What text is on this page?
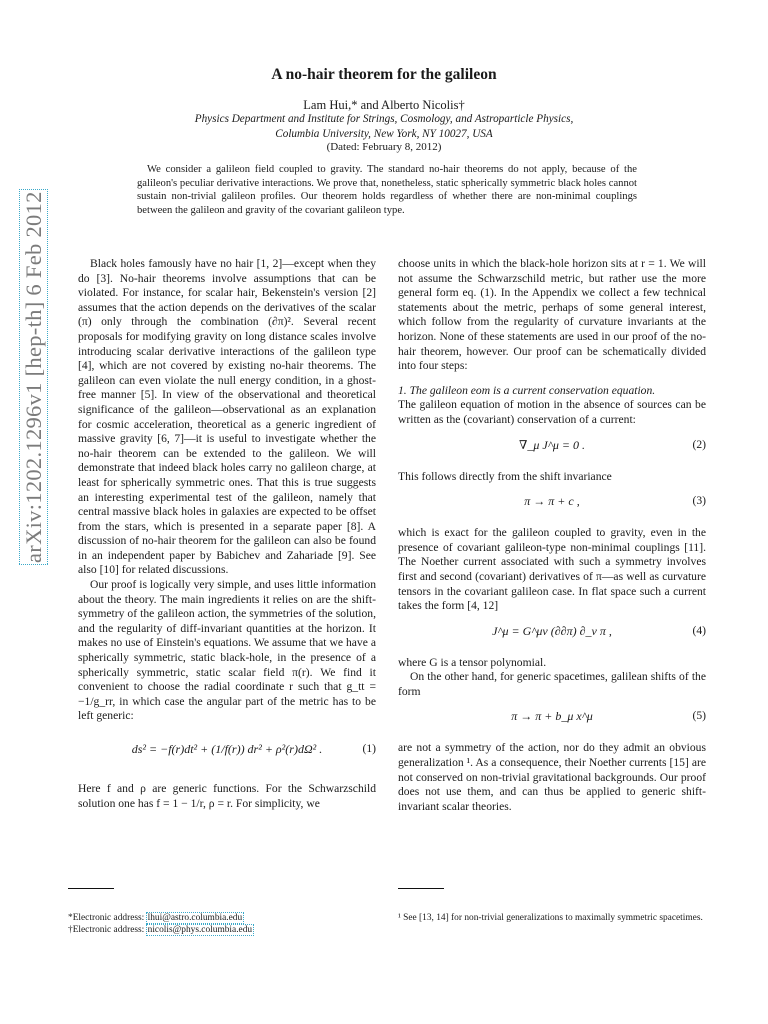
A no-hair theorem for the galileon
Lam Hui,* and Alberto Nicolis†
Physics Department and Institute for Strings, Cosmology, and Astroparticle Physics,
Columbia University, New York, NY 10027, USA
(Dated: February 8, 2012)
We consider a galileon field coupled to gravity. The standard no-hair theorems do not apply, because of the galileon's peculiar derivative interactions. We prove that, nonetheless, static spherically symmetric black holes cannot sustain non-trivial galileon profiles. Our theorem holds regardless of whether there are non-minimal couplings between the galileon and gravity of the covariant galileon type.
arXiv:1202.1296v1 [hep-th] 6 Feb 2012	Black holes famously have no hair [1, 2]—except when they do [3]. No-hair theorems involve assumptions that can be violated. For instance, for scalar hair, Bekenstein's version [2] assumes that the action depends on the derivatives of the scalar (π) only through the combination (∂π)². Several recent proposals for modifying gravity on long distance scales involve introducing scalar derivative interactions of the galileon type [4], which are not covered by existing no-hair theorems. The galileon can even violate the null energy condition, in a ghost-free manner [5]. In view of the observational and theoretical significance of the galileon—observational as an explanation for cosmic acceleration, theoretical as a generic ingredient of massive gravity [6, 7]—it is useful to investigate whether the no-hair theorem can be extended to the galileon. We will demonstrate that indeed black holes carry no galileon charge, at least for spherically symmetric ones. That this is true suggests an interesting experimental test of the galileon, namely that central massive black holes in galaxies are expected to be offset from the stars, which is presented in a separate paper [8]. A discussion of no-hair theorem for the galileon can also be found in an independent paper by Babichev and Zahariade [9]. See also [10] for related discussions.

Our proof is logically very simple, and uses little information about the theory. The main ingredients it relies on are the shift-symmetry of the galileon action, the symmetries of the solution, and the regularity of diff-invariant quantities at the horizon. It makes no use of Einstein's equations. We assume that we have a spherically symmetric, static black-hole, in the presence of a spherically symmetric, static scalar field π(r). We find it convenient to choose the radial coordinate r such that g_tt = −1/g_rr, in which case the angular part of the metric has to be left generic:

ds² = −f(r)dt² + (1/f(r)) dr² + ρ²(r)dΩ² .	(1)

Here f and ρ are generic functions. For the Schwarzschild solution one has f = 1 − 1/r, ρ = r. For simplicity, we

choose units in which the black-hole horizon sits at r = 1. We will not assume the Schwarzschild metric, but rather use the more general form eq. (1). In the Appendix we collect a few technical statements about the metric, perhaps of some general interest, which follow from the regularity of curvature invariants at the horizon. None of these statements are used in our proof of the no-hair theorem, however. Our proof can be schematically divided into four steps:

1. The galileon eom is a current conservation equation.

The galileon equation of motion in the absence of sources can be written as the (covariant) conservation of a current:

∇_μ J^μ = 0 .	(2)

This follows directly from the shift invariance

π → π + c ,	(3)

which is exact for the galileon coupled to gravity, even in the presence of covariant galileon-type non-minimal couplings [11]. The Noether current associated with such a symmetry involves first and second (covariant) derivatives of π—as well as curvature tensors in the covariant galileon case. In flat space such a current takes the form [4, 12]

J^μ = G^μν (∂∂π) ∂_ν π ,	(4)

where G is a tensor polynomial.

On the other hand, for generic spacetimes, galilean shifts of the form

π → π + b_μ x^μ	(5)

are not a symmetry of the action, nor do they admit an obvious generalization ¹. As a consequence, their Noether currents [15] are not conserved on non-trivial gravitational backgrounds. Our proof does not use them, and can thus be applied to generic shift-invariant scalar theories.

*Electronic address: lhui@astro.columbia.edu
†Electronic address: nicolis@phys.columbia.edu
¹ See [13, 14] for non-trivial generalizations to maximally symmetric spacetimes.
